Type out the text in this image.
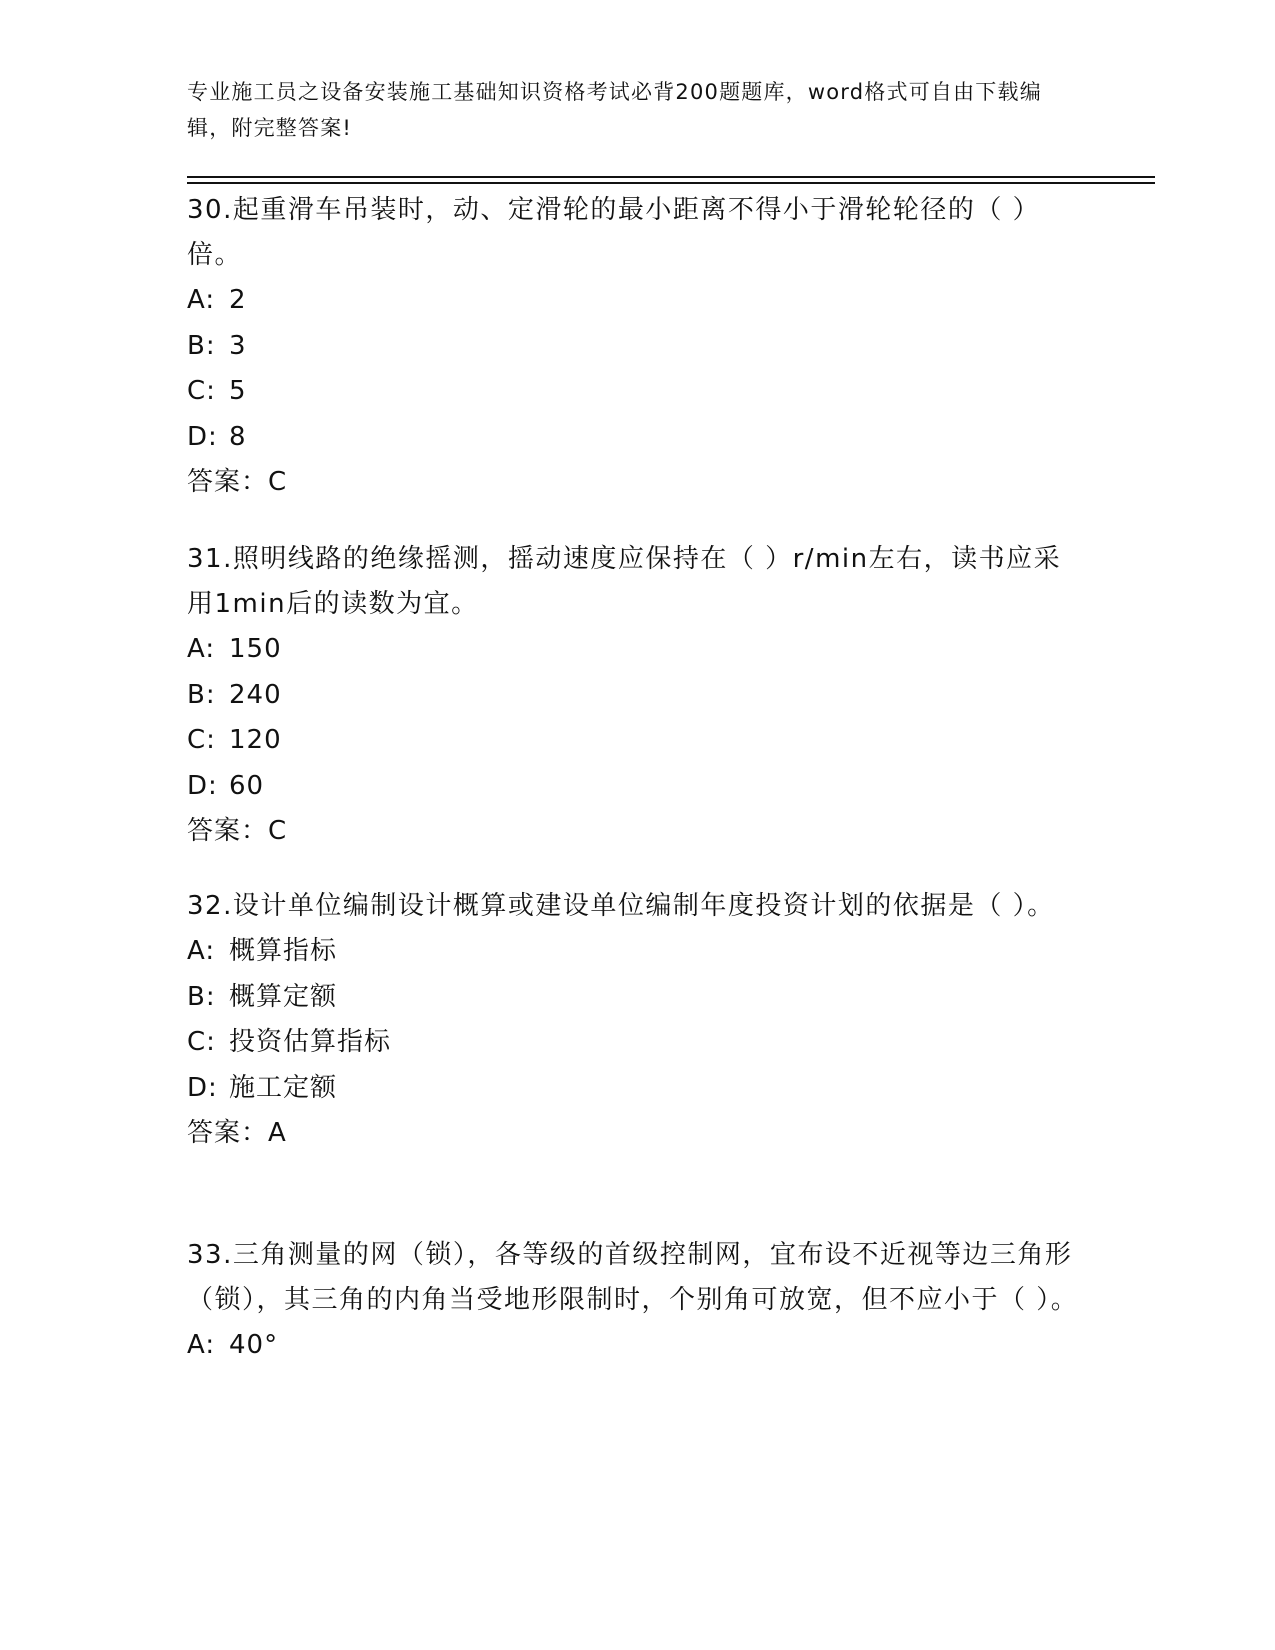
专业施工员之设备安装施工基础知识资格考试必背200题题库，word格式可自由下载编辑，附完整答案!
30.起重滑车吊装时，动、定滑轮的最小距离不得小于滑轮轮径的（ ）倍。
A: 2
B: 3
C: 5
D: 8
答案：C
31.照明线路的绝缘摇测，摇动速度应保持在（ ）r/min左右，读书应采用1min后的读数为宜。
A: 150
B: 240
C: 120
D: 60
答案：C
32.设计单位编制设计概算或建设单位编制年度投资计划的依据是（ ）。
A: 概算指标
B: 概算定额
C: 投资估算指标
D: 施工定额
答案：A
33.三角测量的网（锁），各等级的首级控制网，宜布设不近视等边三角形（锁），其三角的内角当受地形限制时，个别角可放宽，但不应小于（ ）。
A: 40°
